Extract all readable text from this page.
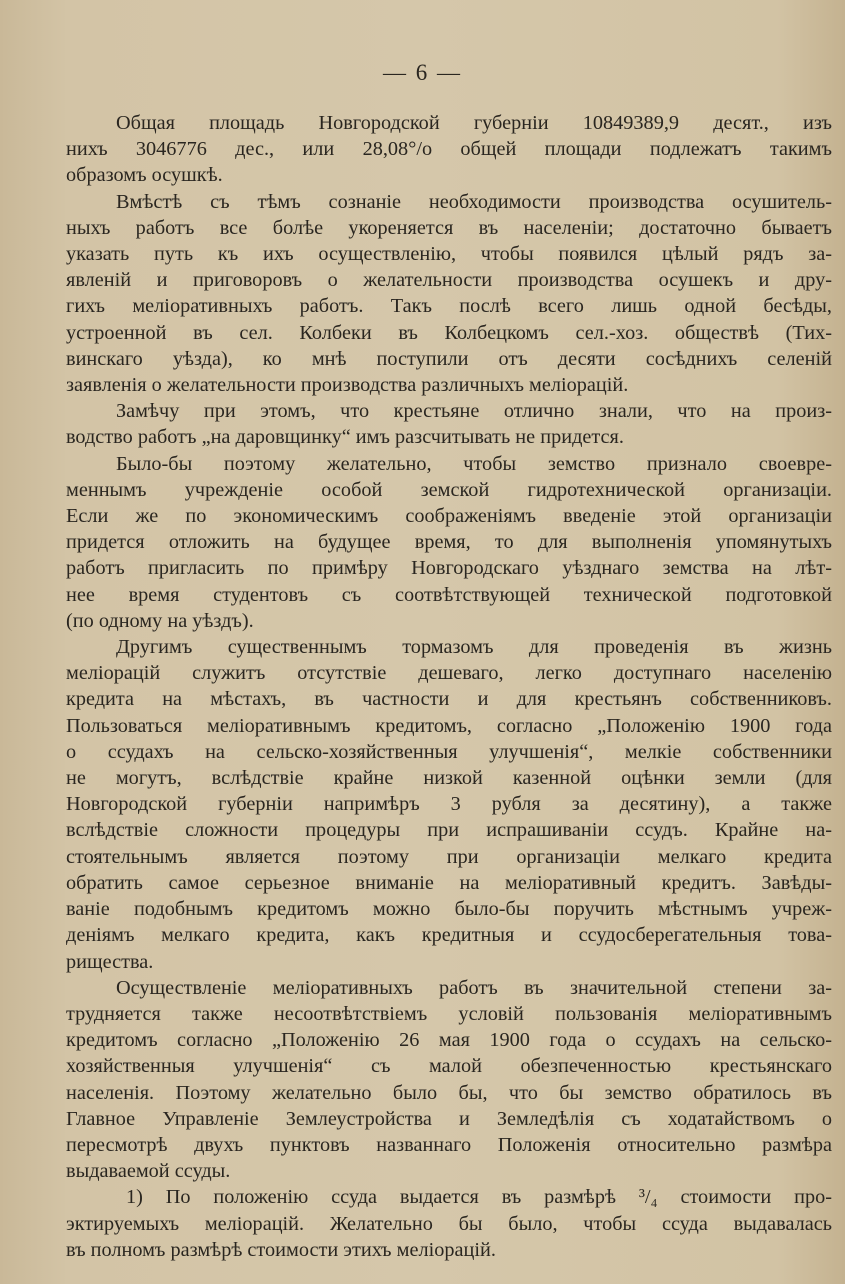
— 6 —

Общая площадь Новгородской губерніи 10849389,9 десят., изъ
нихъ 3046776 дес., или 28,08°/о общей площади подлежатъ такимъ
образомъ осушкѣ.

Вмѣстѣ съ тѣмъ сознаніе необходимости производства осушитель-
ныхъ работъ все болѣе укореняется въ населеніи; достаточно бываетъ
указать путь къ ихъ осуществленію, чтобы появился цѣлый рядъ за-
явленій и приговоровъ о желательности производства осушекъ и дру-
гихъ меліоративныхъ работъ. Такъ послѣ всего лишь одной бесѣды,
устроенной въ сел. Колбеки въ Колбецкомъ сел.-хоз. обществѣ (Тих-
винскаго уѣзда), ко мнѣ поступили отъ десяти сосѣднихъ селеній
заявленія о желательности производства различныхъ меліорацій.

Замѣчу при этомъ, что крестьяне отлично знали, что на произ-
водство работъ „на даровщинку“ имъ разсчитывать не придется.

Было-бы поэтому желательно, чтобы земство признало своевре-
меннымъ учрежденіе особой земской гидротехнической организаціи.
Если же по экономическимъ соображеніямъ введеніе этой организаціи
придется отложить на будущее время, то для выполненія упомянутыхъ
работъ пригласить по примѣру Новгородскаго уѣзднаго земства на лѣт-
нее время студентовъ съ соотвѣтствующей технической подготовкой
(по одному на уѣздъ).

Другимъ существеннымъ тормазомъ для проведенія въ жизнь
меліорацій служитъ отсутствіе дешеваго, легко доступнаго населенію
кредита на мѣстахъ, въ частности и для крестьянъ собственниковъ.
Пользоваться меліоративнымъ кредитомъ, согласно „Положенію 1900 года
о ссудахъ на сельско-хозяйственныя улучшенія“, мелкіе собственники
не могутъ, вслѣдствіе крайне низкой казенной оцѣнки земли (для
Новгородской губерніи напримѣръ 3 рубля за десятину), а также
вслѣдствіе сложности процедуры при испрашиваніи ссудъ. Крайне на-
стоятельнымъ является поэтому при организаціи мелкаго кредита
обратить самое серьезное вниманіе на меліоративный кредитъ. Завѣды-
ваніе подобнымъ кредитомъ можно было-бы поручить мѣстнымъ учреж-
деніямъ мелкаго кредита, какъ кредитныя и ссудосберегательныя това-
рищества.

Осуществленіе меліоративныхъ работъ въ значительной степени за-
трудняется также несоотвѣтствіемъ условій пользованія меліоративнымъ
кредитомъ согласно „Положенію 26 мая 1900 года о ссудахъ на сельско-
хозяйственныя улучшенія“ съ малой обезпеченностью крестьянскаго
населенія. Поэтому желательно было бы, что бы земство обратилось въ
Главное Управленіе Землеустройства и Земледѣлія съ ходатайствомъ о
пересмотрѣ двухъ пунктовъ названнаго Положенія относительно размѣра
выдаваемой ссуды.

1) По положенію ссуда выдается въ размѣрѣ ³/₄ стоимости про-
эктируемыхъ меліорацій. Желательно бы было, чтобы ссуда выдавалась
въ полномъ размѣрѣ стоимости этихъ меліорацій.
